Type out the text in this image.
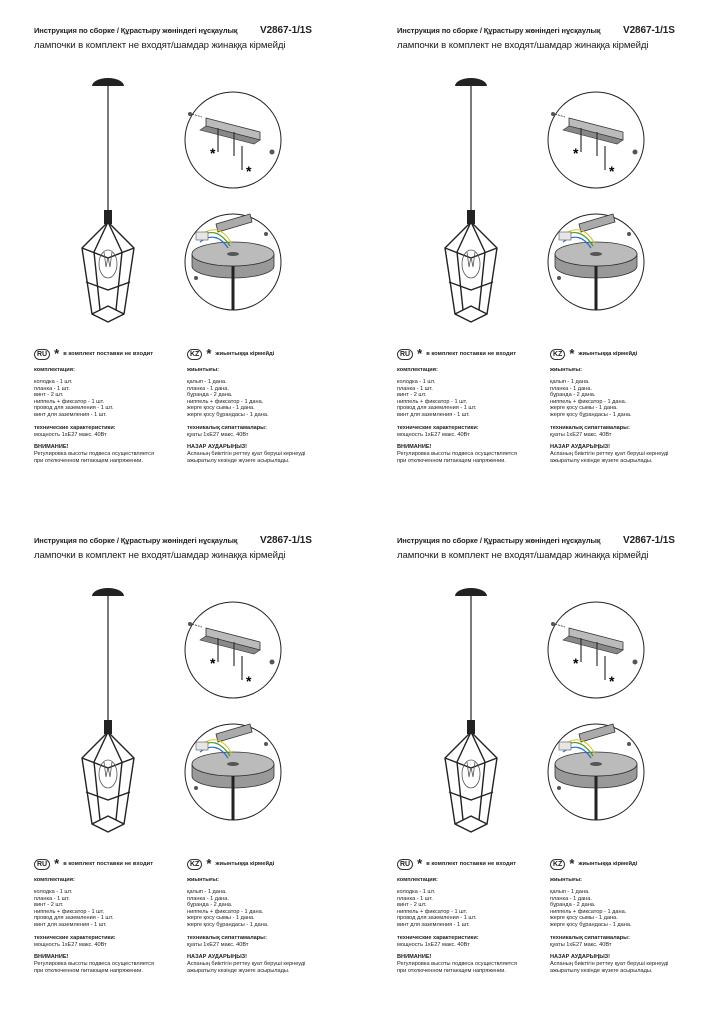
Инструкция по сборке / Құрастыру жөніндегі нұсқаулық V2867-1/1S
лампочки в комплект не входят/шамдар жинаққа кірмейді
*
*
RU * в комплект поставки не входит
комплектация:
колодка - 1 шт.
планка - 1 шт.
винт - 2 шт.
ниппель + фиксатор - 1 шт.
провод для заземления - 1 шт.
винт для заземления - 1 шт.
технические характеристики:
мощность 1хЕ27 макс. 40Вт
ВНИМАНИЕ!
Регулировка высоты подвеса осуществляется
при отключенном питающем напряжении.
KZ * жиынтыққа кірмейді
жиынтығы:
қалып - 1 дана.
планка - 1 дана.
бұранда - 2 дана.
ниппель + фиксатор - 1 дана.
жерге қосу сымы - 1 дана.
жерге қосу бұрандасы - 1 дана.
техникалық сипаттамалары:
қуаты 1хЕ27 макс. 40Вт
НАЗАР АУДАРЫҢЫЗ!
Аспаның биіктігін реттеу қуат беруші кернеуді
ажыратылу кезінде жүзеге асырылады.
Инструкция по сборке / Құрастыру жөніндегі нұсқаулық V2867-1/1S
лампочки в комплект не входят/шамдар жинаққа кірмейді
*
*
RU * в комплект поставки не входит
комплектация:
колодка - 1 шт.
планка - 1 шт.
винт - 2 шт.
ниппель + фиксатор - 1 шт.
провод для заземления - 1 шт.
винт для заземления - 1 шт.
технические характеристики:
мощность 1хЕ27 макс. 40Вт
ВНИМАНИЕ!
Регулировка высоты подвеса осуществляется
при отключенном питающем напряжении.
KZ * жиынтыққа кірмейді
жиынтығы:
қалып - 1 дана.
планка - 1 дана.
бұранда - 2 дана.
ниппель + фиксатор - 1 дана.
жерге қосу сымы - 1 дана.
жерге қосу бұрандасы - 1 дана.
техникалық сипаттамалары:
қуаты 1хЕ27 макс. 40Вт
НАЗАР АУДАРЫҢЫЗ!
Аспаның биіктігін реттеу қуат беруші кернеуді
ажыратылу кезінде жүзеге асырылады.
Инструкция по сборке / Құрастыру жөніндегі нұсқаулық V2867-1/1S
лампочки в комплект не входят/шамдар жинаққа кірмейді
*
*
RU * в комплект поставки не входит
комплектация:
колодка - 1 шт.
планка - 1 шт.
винт - 2 шт.
ниппель + фиксатор - 1 шт.
провод для заземления - 1 шт.
винт для заземления - 1 шт.
технические характеристики:
мощность 1хЕ27 макс. 40Вт
ВНИМАНИЕ!
Регулировка высоты подвеса осуществляется
при отключенном питающем напряжении.
KZ * жиынтыққа кірмейді
жиынтығы:
қалып - 1 дана.
планка - 1 дана.
бұранда - 2 дана.
ниппель + фиксатор - 1 дана.
жерге қосу сымы - 1 дана.
жерге қосу бұрандасы - 1 дана.
техникалық сипаттамалары:
қуаты 1хЕ27 макс. 40Вт
НАЗАР АУДАРЫҢЫЗ!
Аспаның биіктігін реттеу қуат беруші кернеуді
ажыратылу кезінде жүзеге асырылады.
Инструкция по сборке / Құрастыру жөніндегі нұсқаулық V2867-1/1S
лампочки в комплект не входят/шамдар жинаққа кірмейді
*
*
RU * в комплект поставки не входит
комплектация:
колодка - 1 шт.
планка - 1 шт.
винт - 2 шт.
ниппель + фиксатор - 1 шт.
провод для заземления - 1 шт.
винт для заземления - 1 шт.
технические характеристики:
мощность 1хЕ27 макс. 40Вт
ВНИМАНИЕ!
Регулировка высоты подвеса осуществляется
при отключенном питающем напряжении.
KZ * жиынтыққа кірмейді
жиынтығы:
қалып - 1 дана.
планка - 1 дана.
бұранда - 2 дана.
ниппель + фиксатор - 1 дана.
жерге қосу сымы - 1 дана.
жерге қосу бұрандасы - 1 дана.
техникалық сипаттамалары:
қуаты 1хЕ27 макс. 40Вт
НАЗАР АУДАРЫҢЫЗ!
Аспаның биіктігін реттеу қуат беруші кернеуді
ажыратылу кезінде жүзеге асырылады.
